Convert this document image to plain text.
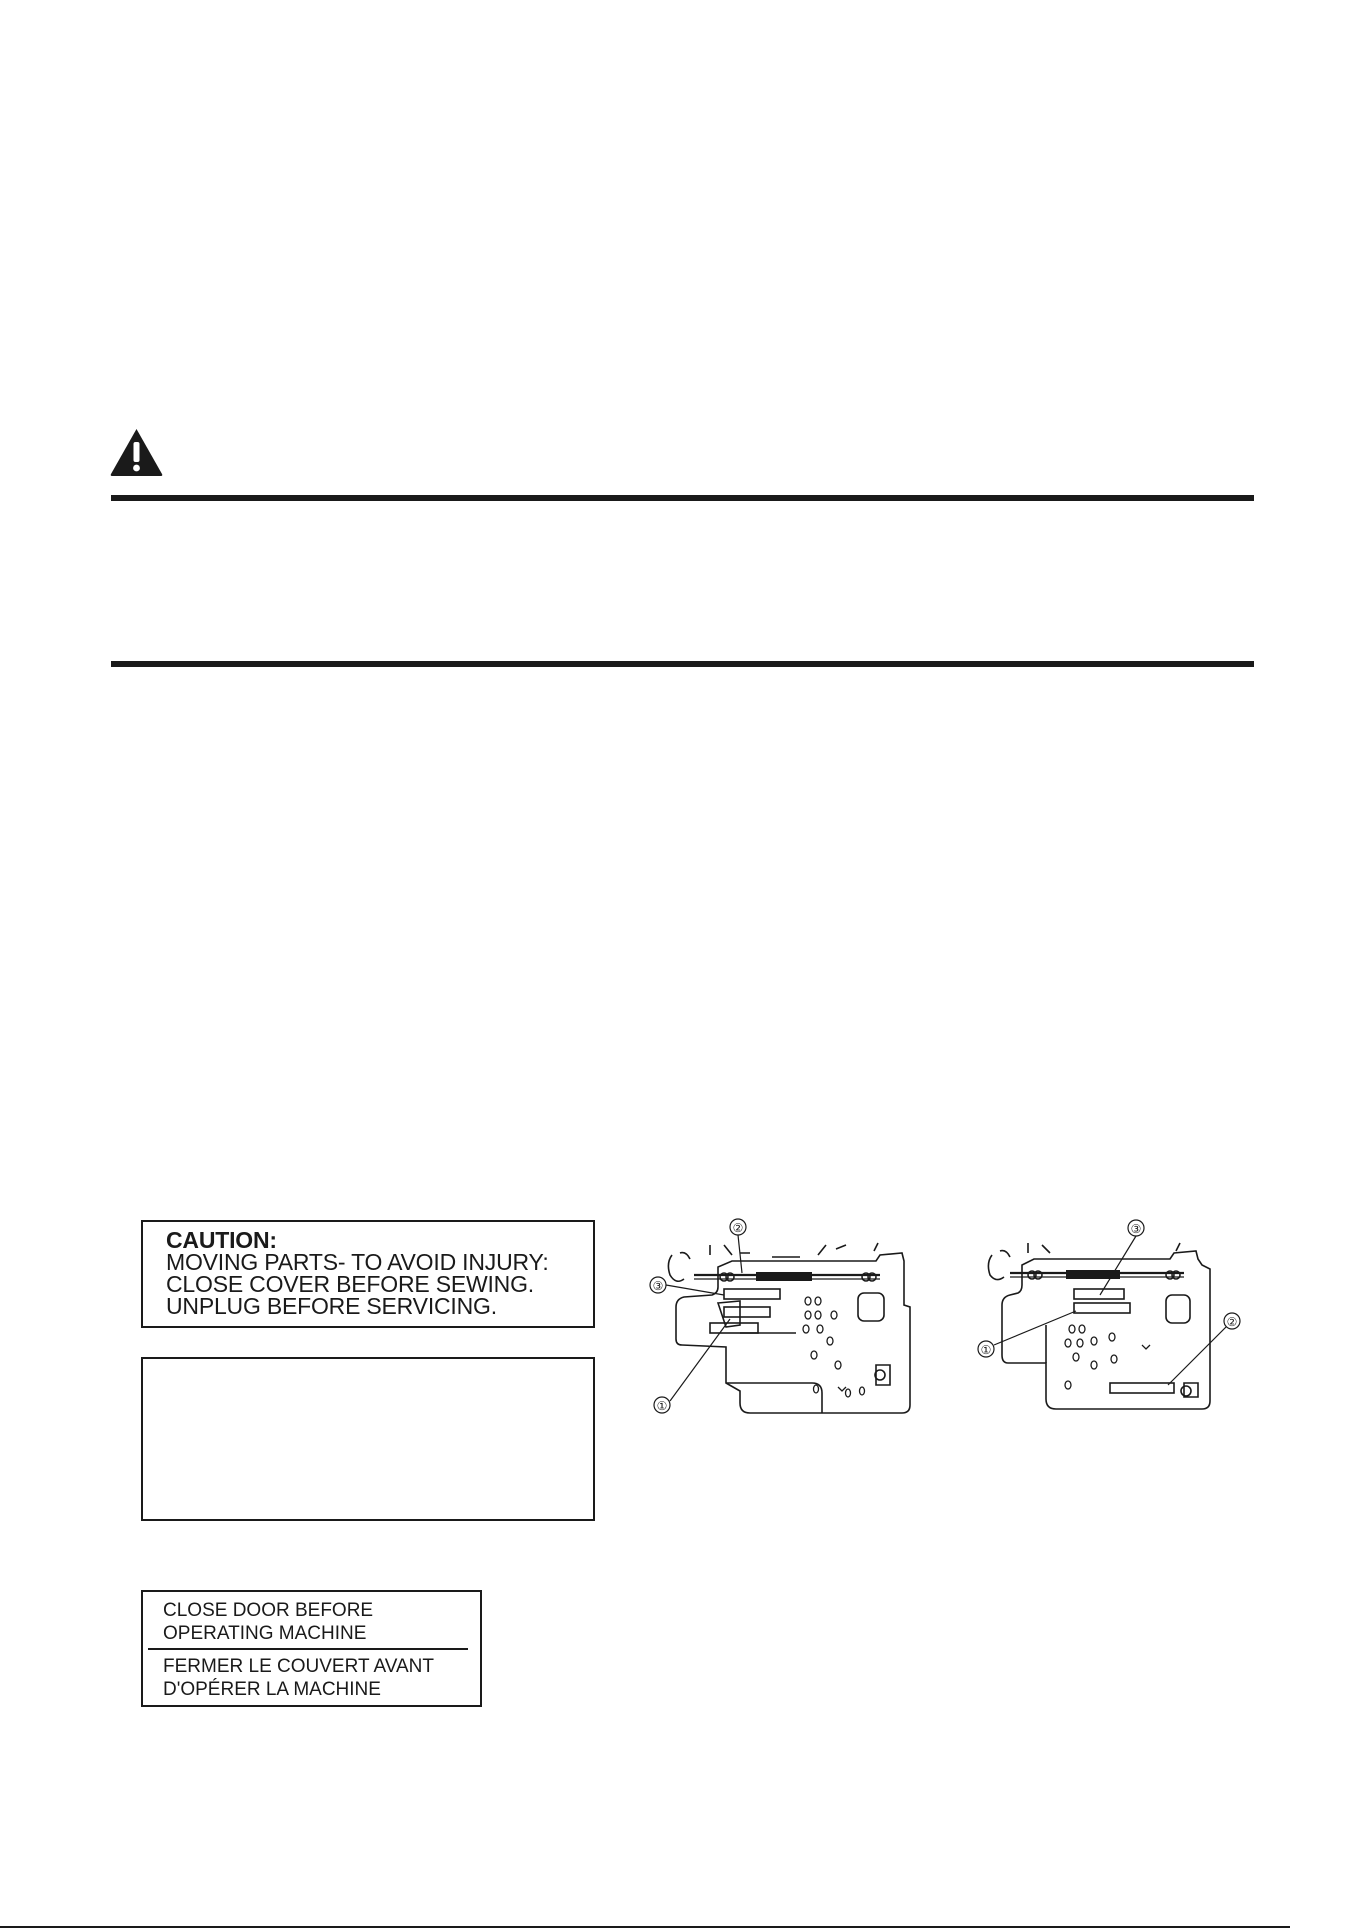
CAUTION:
MOVING PARTS- TO AVOID INJURY:
CLOSE COVER BEFORE SEWING.
UNPLUG BEFORE SERVICING.
CLOSE DOOR BEFORE
OPERATING MACHINE
FERMER LE COUVERT AVANT
D'OPÉRER LA MACHINE
②
③
①
③
①
②
